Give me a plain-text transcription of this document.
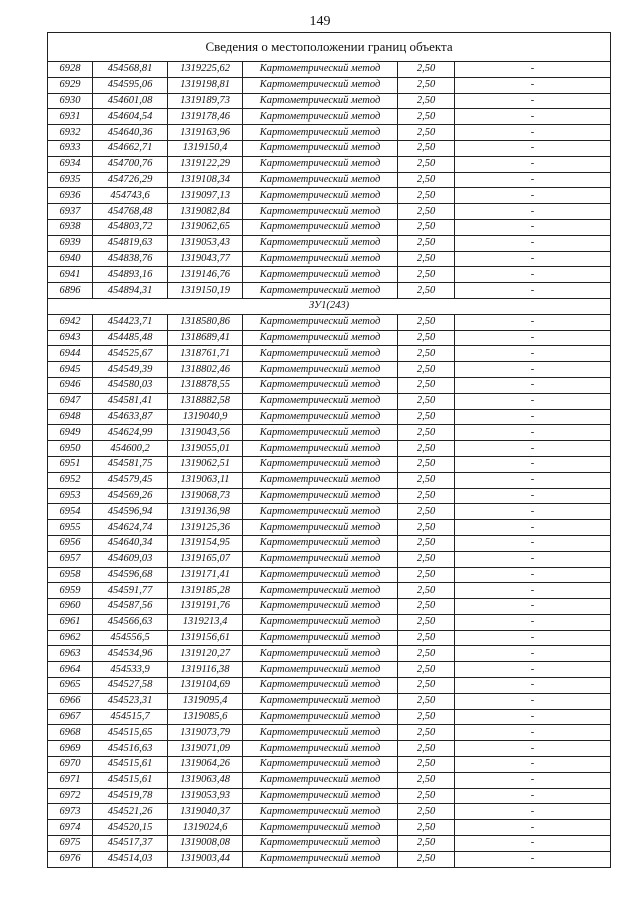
149
Сведения о местоположении границ объекта					
6928	454568,81	1319225,62	Картометрический метод	2,50	-
6929	454595,06	1319198,81	Картометрический метод	2,50	-
6930	454601,08	1319189,73	Картометрический метод	2,50	-
6931	454604,54	1319178,46	Картометрический метод	2,50	-
6932	454640,36	1319163,96	Картометрический метод	2,50	-
6933	454662,71	1319150,4	Картометрический метод	2,50	-
6934	454700,76	1319122,29	Картометрический метод	2,50	-
6935	454726,29	1319108,34	Картометрический метод	2,50	-
6936	454743,6	1319097,13	Картометрический метод	2,50	-
6937	454768,48	1319082,84	Картометрический метод	2,50	-
6938	454803,72	1319062,65	Картометрический метод	2,50	-
6939	454819,63	1319053,43	Картометрический метод	2,50	-
6940	454838,76	1319043,77	Картометрический метод	2,50	-
6941	454893,16	1319146,76	Картометрический метод	2,50	-
6896	454894,31	1319150,19	Картометрический метод	2,50	-
ЗУ1(243)					
6942	454423,71	1318580,86	Картометрический метод	2,50	-
6943	454485,48	1318689,41	Картометрический метод	2,50	-
6944	454525,67	1318761,71	Картометрический метод	2,50	-
6945	454549,39	1318802,46	Картометрический метод	2,50	-
6946	454580,03	1318878,55	Картометрический метод	2,50	-
6947	454581,41	1318882,58	Картометрический метод	2,50	-
6948	454633,87	1319040,9	Картометрический метод	2,50	-
6949	454624,99	1319043,56	Картометрический метод	2,50	-
6950	454600,2	1319055,01	Картометрический метод	2,50	-
6951	454581,75	1319062,51	Картометрический метод	2,50	-
6952	454579,45	1319063,11	Картометрический метод	2,50	-
6953	454569,26	1319068,73	Картометрический метод	2,50	-
6954	454596,94	1319136,98	Картометрический метод	2,50	-
6955	454624,74	1319125,36	Картометрический метод	2,50	-
6956	454640,34	1319154,95	Картометрический метод	2,50	-
6957	454609,03	1319165,07	Картометрический метод	2,50	-
6958	454596,68	1319171,41	Картометрический метод	2,50	-
6959	454591,77	1319185,28	Картометрический метод	2,50	-
6960	454587,56	1319191,76	Картометрический метод	2,50	-
6961	454566,63	1319213,4	Картометрический метод	2,50	-
6962	454556,5	1319156,61	Картометрический метод	2,50	-
6963	454534,96	1319120,27	Картометрический метод	2,50	-
6964	454533,9	1319116,38	Картометрический метод	2,50	-
6965	454527,58	1319104,69	Картометрический метод	2,50	-
6966	454523,31	1319095,4	Картометрический метод	2,50	-
6967	454515,7	1319085,6	Картометрический метод	2,50	-
6968	454515,65	1319073,79	Картометрический метод	2,50	-
6969	454516,63	1319071,09	Картометрический метод	2,50	-
6970	454515,61	1319064,26	Картометрический метод	2,50	-
6971	454515,61	1319063,48	Картометрический метод	2,50	-
6972	454519,78	1319053,93	Картометрический метод	2,50	-
6973	454521,26	1319040,37	Картометрический метод	2,50	-
6974	454520,15	1319024,6	Картометрический метод	2,50	-
6975	454517,37	1319008,08	Картометрический метод	2,50	-
6976	454514,03	1319003,44	Картометрический метод	2,50	-
